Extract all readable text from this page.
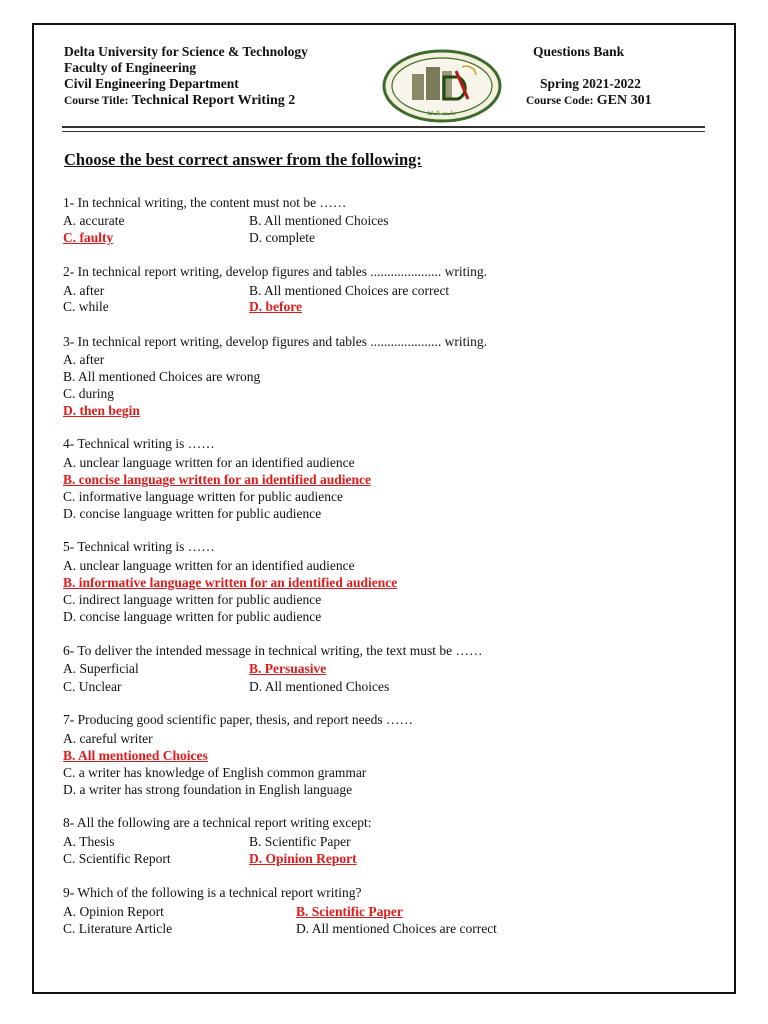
Delta University for Science & Technology
Faculty of Engineering
Civil Engineering Department
Course Title: Technical Report Writing 2
Questions Bank
Spring 2021-2022
Course Code: GEN 301
جامعة الدلتا
Choose the best correct answer from the following:
1- In technical writing, the content must not be ……
A. accurate	B. All mentioned Choices
C. faulty	D. complete
2- In technical report writing, develop figures and tables ..................... writing.
A. after	B. All mentioned Choices are correct
C. while	D. before
3- In technical report writing, develop figures and tables ..................... writing.
A. after
B. All mentioned Choices are wrong
C. during
D. then begin
4- Technical writing is ……
A. unclear language written for an identified audience
B. concise language written for an identified audience
C. informative language written for public audience
D. concise language written for public audience
5- Technical writing is ……
A. unclear language written for an identified audience
B. informative language written for an identified audience
C. indirect language written for public audience
D. concise language written for public audience
6- To deliver the intended message in technical writing, the text must be ……
A. Superficial	B. Persuasive
C. Unclear	D. All mentioned Choices
7- Producing good scientific paper, thesis, and report needs ……
A. careful writer
B. All mentioned Choices
C. a writer has knowledge of English common grammar
D. a writer has strong foundation in English language
8- All the following are a technical report writing except:
A. Thesis	B. Scientific Paper
C. Scientific Report	D. Opinion Report
9- Which of the following is a technical report writing?
A. Opinion Report	B. Scientific Paper
C. Literature Article	D. All mentioned Choices are correct
